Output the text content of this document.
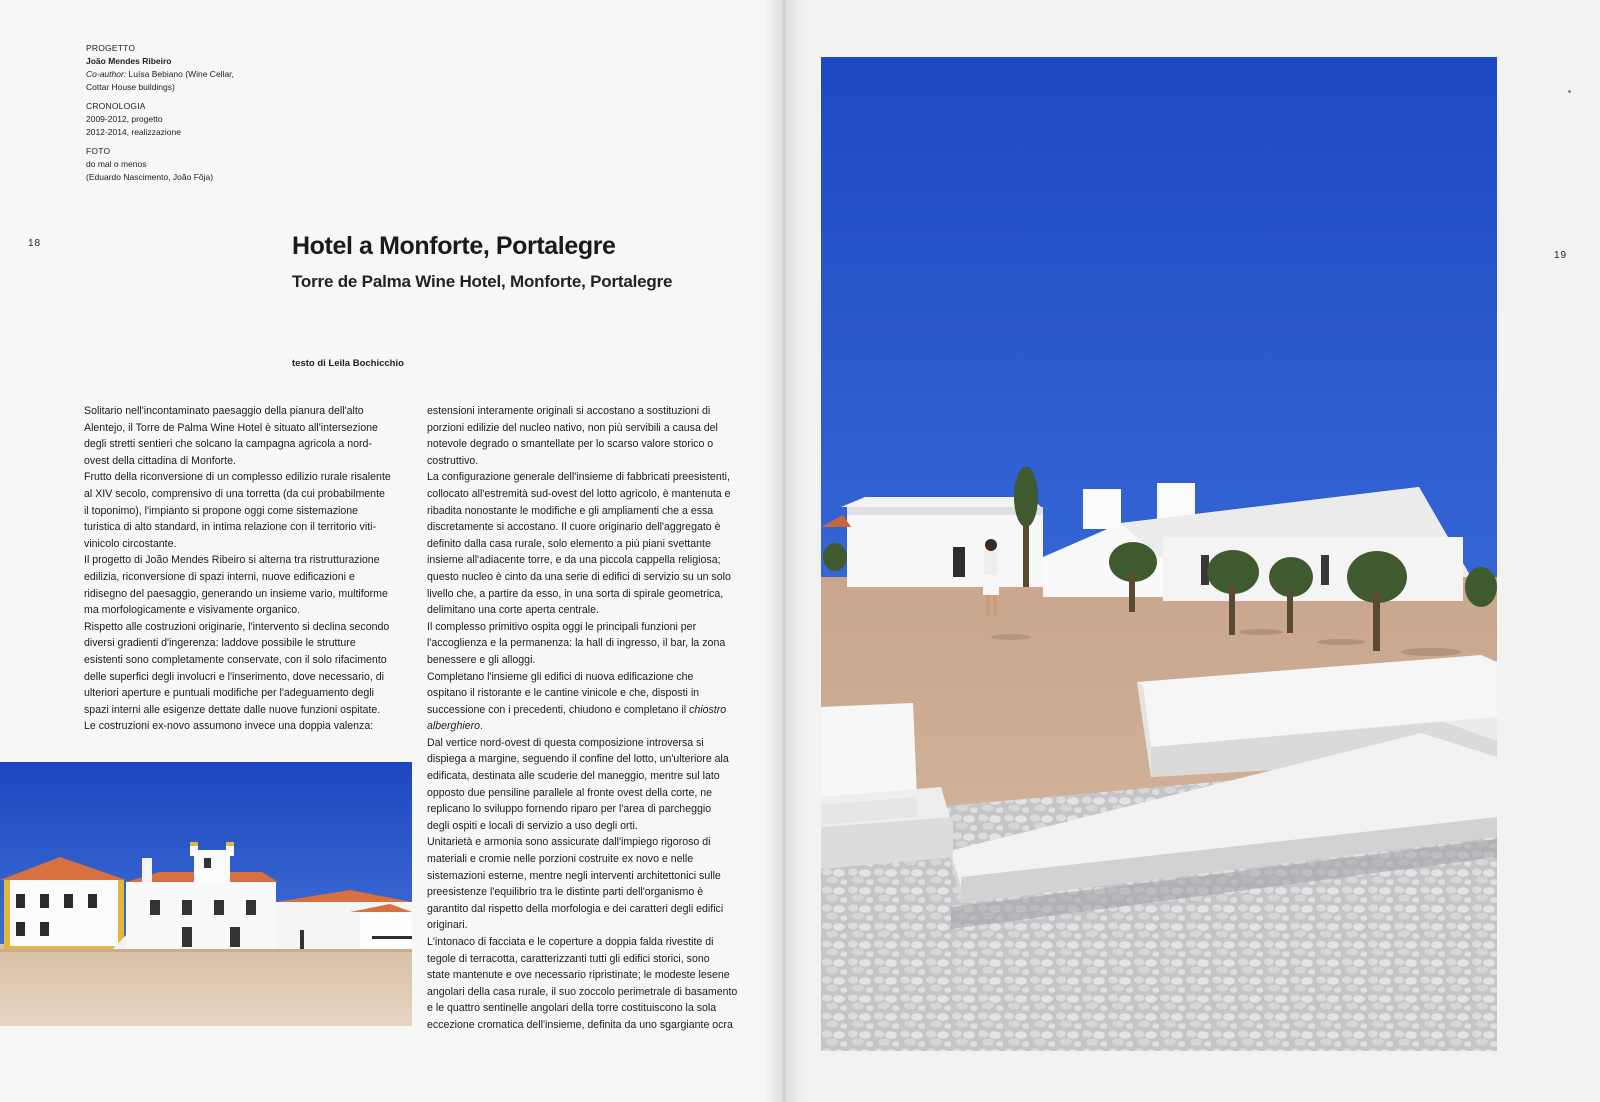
PROGETTO
João Mendes Ribeiro
Co-author: Luísa Bebiano (Wine Cellar,
Cottar House buildings)
CRONOLOGIA
2009-2012, progetto
2012-2014, realizzazione
FOTO
do mal o menos
(Eduardo Nascimento, João Fôja)
18	Hotel a Monforte, Portalegre
Torre de Palma Wine Hotel, Monforte, Portalegre
testo di Leila Bochicchio
Solitario nell'incontaminato paesaggio della pianura dell'alto
Alentejo, il Torre de Palma Wine Hotel è situato all'intersezione
degli stretti sentieri che solcano la campagna agricola a nord-
ovest della cittadina di Monforte.
Frutto della riconversione di un complesso edilizio rurale risalente
al XIV secolo, comprensivo di una torretta (da cui probabilmente
il toponimo), l'impianto si propone oggi come sistemazione
turistica di alto standard, in intima relazione con il territorio viti-
vinicolo circostante.
Il progetto di João Mendes Ribeiro si alterna tra ristrutturazione
edilizia, riconversione di spazi interni, nuove edificazioni e
ridisegno del paesaggio, generando un insieme vario, multiforme
ma morfologicamente e visivamente organico.
Rispetto alle costruzioni originarie, l'intervento si declina secondo
diversi gradienti d'ingerenza: laddove possibile le strutture
esistenti sono completamente conservate, con il solo rifacimento
delle superfici degli involucri e l'inserimento, dove necessario, di
ulteriori aperture e puntuali modifiche per l'adeguamento degli
spazi interni alle esigenze dettate dalle nuove funzioni ospitate.
Le costruzioni ex-novo assumono invece una doppia valenza:
estensioni interamente originali si accostano a sostituzioni di
porzioni edilizie del nucleo nativo, non più servibili a causa del
notevole degrado o smantellate per lo scarso valore storico o
costruttivo.
La configurazione generale dell'insieme di fabbricati preesistenti,
collocato all'estremità sud-ovest del lotto agricolo, è mantenuta e
ribadita nonostante le modifiche e gli ampliamenti che a essa
discretamente si accostano. Il cuore originario dell'aggregato è
definito dalla casa rurale, solo elemento a più piani svettante
insieme all'adiacente torre, e da una piccola cappella religiosa;
questo nucleo è cinto da una serie di edifici di servizio su un solo
livello che, a partire da esso, in una sorta di spirale geometrica,
delimitano una corte aperta centrale.
Il complesso primitivo ospita oggi le principali funzioni per
l'accoglienza e la permanenza: la hall di ingresso, il bar, la zona
benessere e gli alloggi.
Completano l'insieme gli edifici di nuova edificazione che
ospitano il ristorante e le cantine vinicole e che, disposti in
successione con i precedenti, chiudono e completano il chiostro
alberghiero.
Dal vertice nord-ovest di questa composizione introversa si
dispiega a margine, seguendo il confine del lotto, un'ulteriore ala
edificata, destinata alle scuderie del maneggio, mentre sul lato
opposto due pensiline parallele al fronte ovest della corte, ne
replicano lo sviluppo fornendo riparo per l'area di parcheggio
degli ospiti e locali di servizio a uso degli orti.
Unitarietà e armonia sono assicurate dall'impiego rigoroso di
materiali e cromie nelle porzioni costruite ex novo e nelle
sistemazioni esterne, mentre negli interventi architettonici sulle
preesistenze l'equilibrio tra le distinte parti dell'organismo è
garantito dal rispetto della morfologia e dei caratteri degli edifici
originari.
L'intonaco di facciata e le coperture a doppia falda rivestite di
tegole di terracotta, caratterizzanti tutti gli edifici storici, sono
state mantenute e ove necessario ripristinate; le modeste lesene
angolari della casa rurale, il suo zoccolo perimetrale di basamento
e le quattro sentinelle angolari della torre costituiscono la sola
eccezione cromatica dell'insieme, definita da uno sgargiante ocra
19
